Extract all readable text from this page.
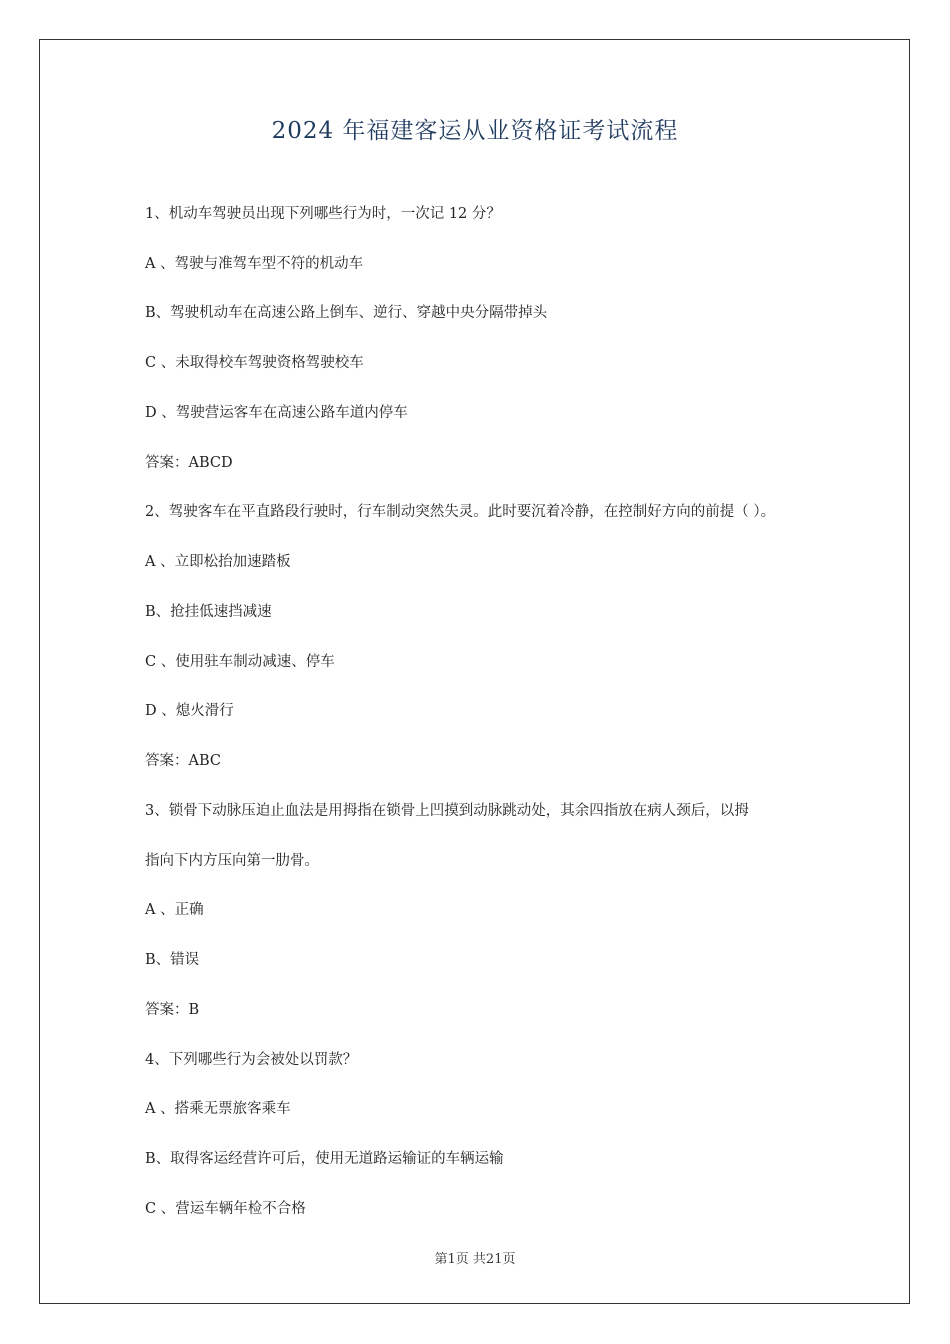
2024 年福建客运从业资格证考试流程
1、机动车驾驶员出现下列哪些行为时，一次记 12 分？
A 、驾驶与准驾车型不符的机动车
B、驾驶机动车在高速公路上倒车、逆行、穿越中央分隔带掉头
C 、未取得校车驾驶资格驾驶校车
D 、驾驶营运客车在高速公路车道内停车
答案：ABCD
2、驾驶客车在平直路段行驶时，行车制动突然失灵。此时要沉着冷静，在控制好方向的前提（ ）。
A 、立即松抬加速踏板
B、抢挂低速挡减速
C 、使用驻车制动减速、停车
D 、熄火滑行
答案：ABC
3、锁骨下动脉压迫止血法是用拇指在锁骨上凹摸到动脉跳动处，其余四指放在病人颈后，以拇
指向下内方压向第一肋骨。
A 、正确
B、错误
答案：B
4、下列哪些行为会被处以罚款？
A 、搭乘无票旅客乘车
B、取得客运经营许可后，使用无道路运输证的车辆运输
C 、营运车辆年检不合格
第1页 共21页
